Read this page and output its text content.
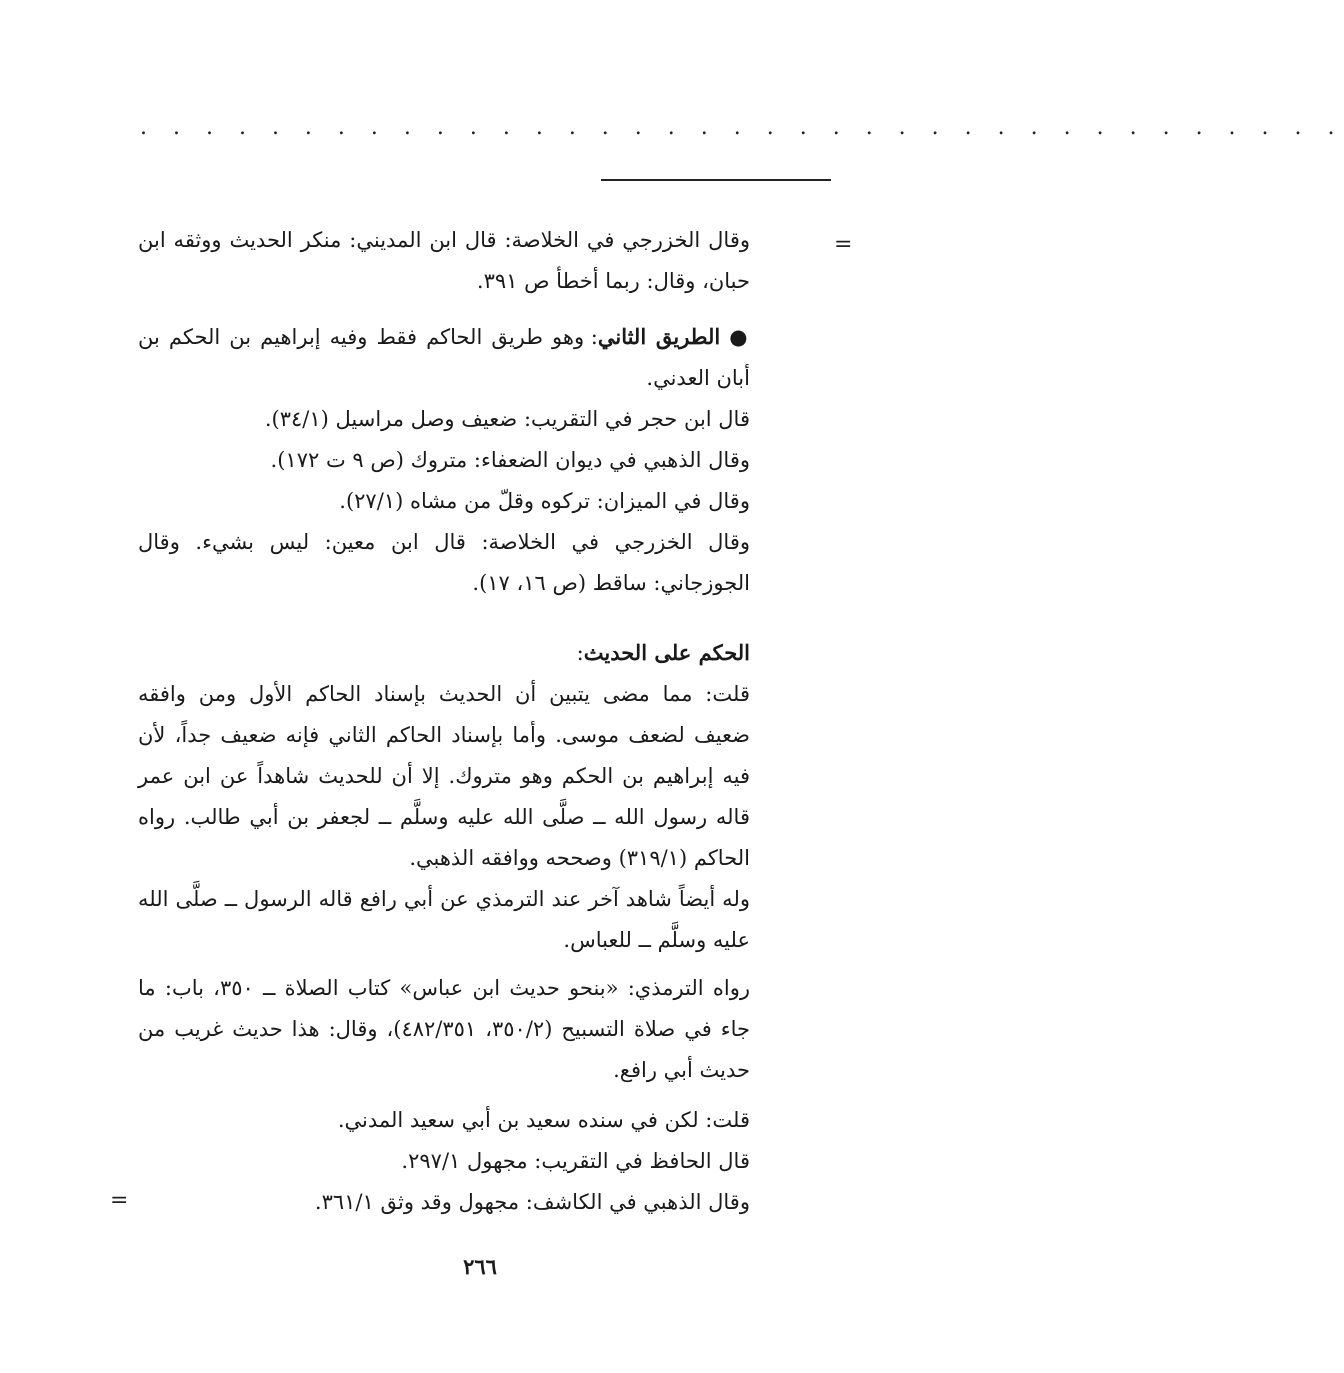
. . . . . . . . . . . . . . . . . . . . . . . . . . . . . . . . . . . . .
=
=

وقال الخزرجي في الخلاصة: قال ابن المديني: منكر الحديث ووثقه ابن حبان، وقال: ربما أخطأ ص ٣٩١.

● الطريق الثاني: وهو طريق الحاكم فقط وفيه إبراهيم بن الحكم بن أبان العدني.

قال ابن حجر في التقريب: ضعيف وصل مراسيل (٣٤/١).

وقال الذهبي في ديوان الضعفاء: متروك (ص ٩ ت ١٧٢).

وقال في الميزان: تركوه وقلّ من مشاه (٢٧/١).

وقال الخزرجي في الخلاصة: قال ابن معين: ليس بشيء. وقال الجوزجاني: ساقط (ص ١٦، ١٧).

الحكم على الحديث:

قلت: مما مضى يتبين أن الحديث بإسناد الحاكم الأول ومن وافقه ضعيف لضعف موسى. وأما بإسناد الحاكم الثاني فإنه ضعيف جداً، لأن فيه إبراهيم بن الحكم وهو متروك. إلا أن للحديث شاهداً عن ابن عمر قاله رسول الله ــ صلَّى الله عليه وسلَّم ــ لجعفر بن أبي طالب. رواه الحاكم (٣١٩/١) وصححه ووافقه الذهبي.

وله أيضاً شاهد آخر عند الترمذي عن أبي رافع قاله الرسول ــ صلَّى الله عليه وسلَّم ــ للعباس.

رواه الترمذي: «بنحو حديث ابن عباس» كتاب الصلاة ــ ٣٥٠، باب: ما جاء في صلاة التسبيح (٣٥٠/٢، ٤٨٢/٣٥١)، وقال: هذا حديث غريب من حديث أبي رافع.

قلت: لكن في سنده سعيد بن أبي سعيد المدني.

قال الحافظ في التقريب: مجهول ٢٩٧/١.

وقال الذهبي في الكاشف: مجهول وقد وثق ٣٦١/١.

٢٦٦
